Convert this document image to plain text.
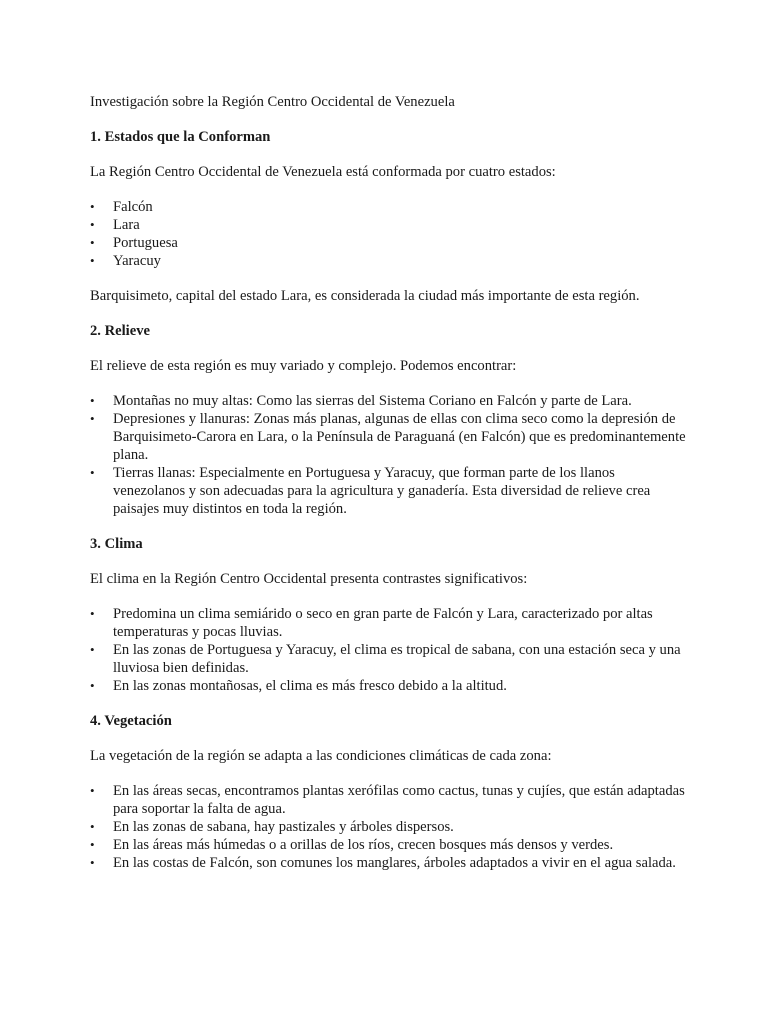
Investigación sobre la Región Centro Occidental de Venezuela
1. Estados que la Conforman
La Región Centro Occidental de Venezuela está conformada por cuatro estados:
• Falcón
• Lara
• Portuguesa
• Yaracuy
Barquisimeto, capital del estado Lara, es considerada la ciudad más importante de esta región.
2. Relieve
El relieve de esta región es muy variado y complejo. Podemos encontrar:
• Montañas no muy altas: Como las sierras del Sistema Coriano en Falcón y parte de Lara.
• Depresiones y llanuras: Zonas más planas, algunas de ellas con clima seco como la depresión de Barquisimeto-Carora en Lara, o la Península de Paraguaná (en Falcón) que es predominantemente plana.
• Tierras llanas: Especialmente en Portuguesa y Yaracuy, que forman parte de los llanos venezolanos y son adecuadas para la agricultura y ganadería. Esta diversidad de relieve crea paisajes muy distintos en toda la región.
3. Clima
El clima en la Región Centro Occidental presenta contrastes significativos:
• Predomina un clima semiárido o seco en gran parte de Falcón y Lara, caracterizado por altas temperaturas y pocas lluvias.
• En las zonas de Portuguesa y Yaracuy, el clima es tropical de sabana, con una estación seca y una lluviosa bien definidas.
• En las zonas montañosas, el clima es más fresco debido a la altitud.
4. Vegetación
La vegetación de la región se adapta a las condiciones climáticas de cada zona:
• En las áreas secas, encontramos plantas xerófilas como cactus, tunas y cujíes, que están adaptadas para soportar la falta de agua.
• En las zonas de sabana, hay pastizales y árboles dispersos.
• En las áreas más húmedas o a orillas de los ríos, crecen bosques más densos y verdes.
• En las costas de Falcón, son comunes los manglares, árboles adaptados a vivir en el agua salada.
